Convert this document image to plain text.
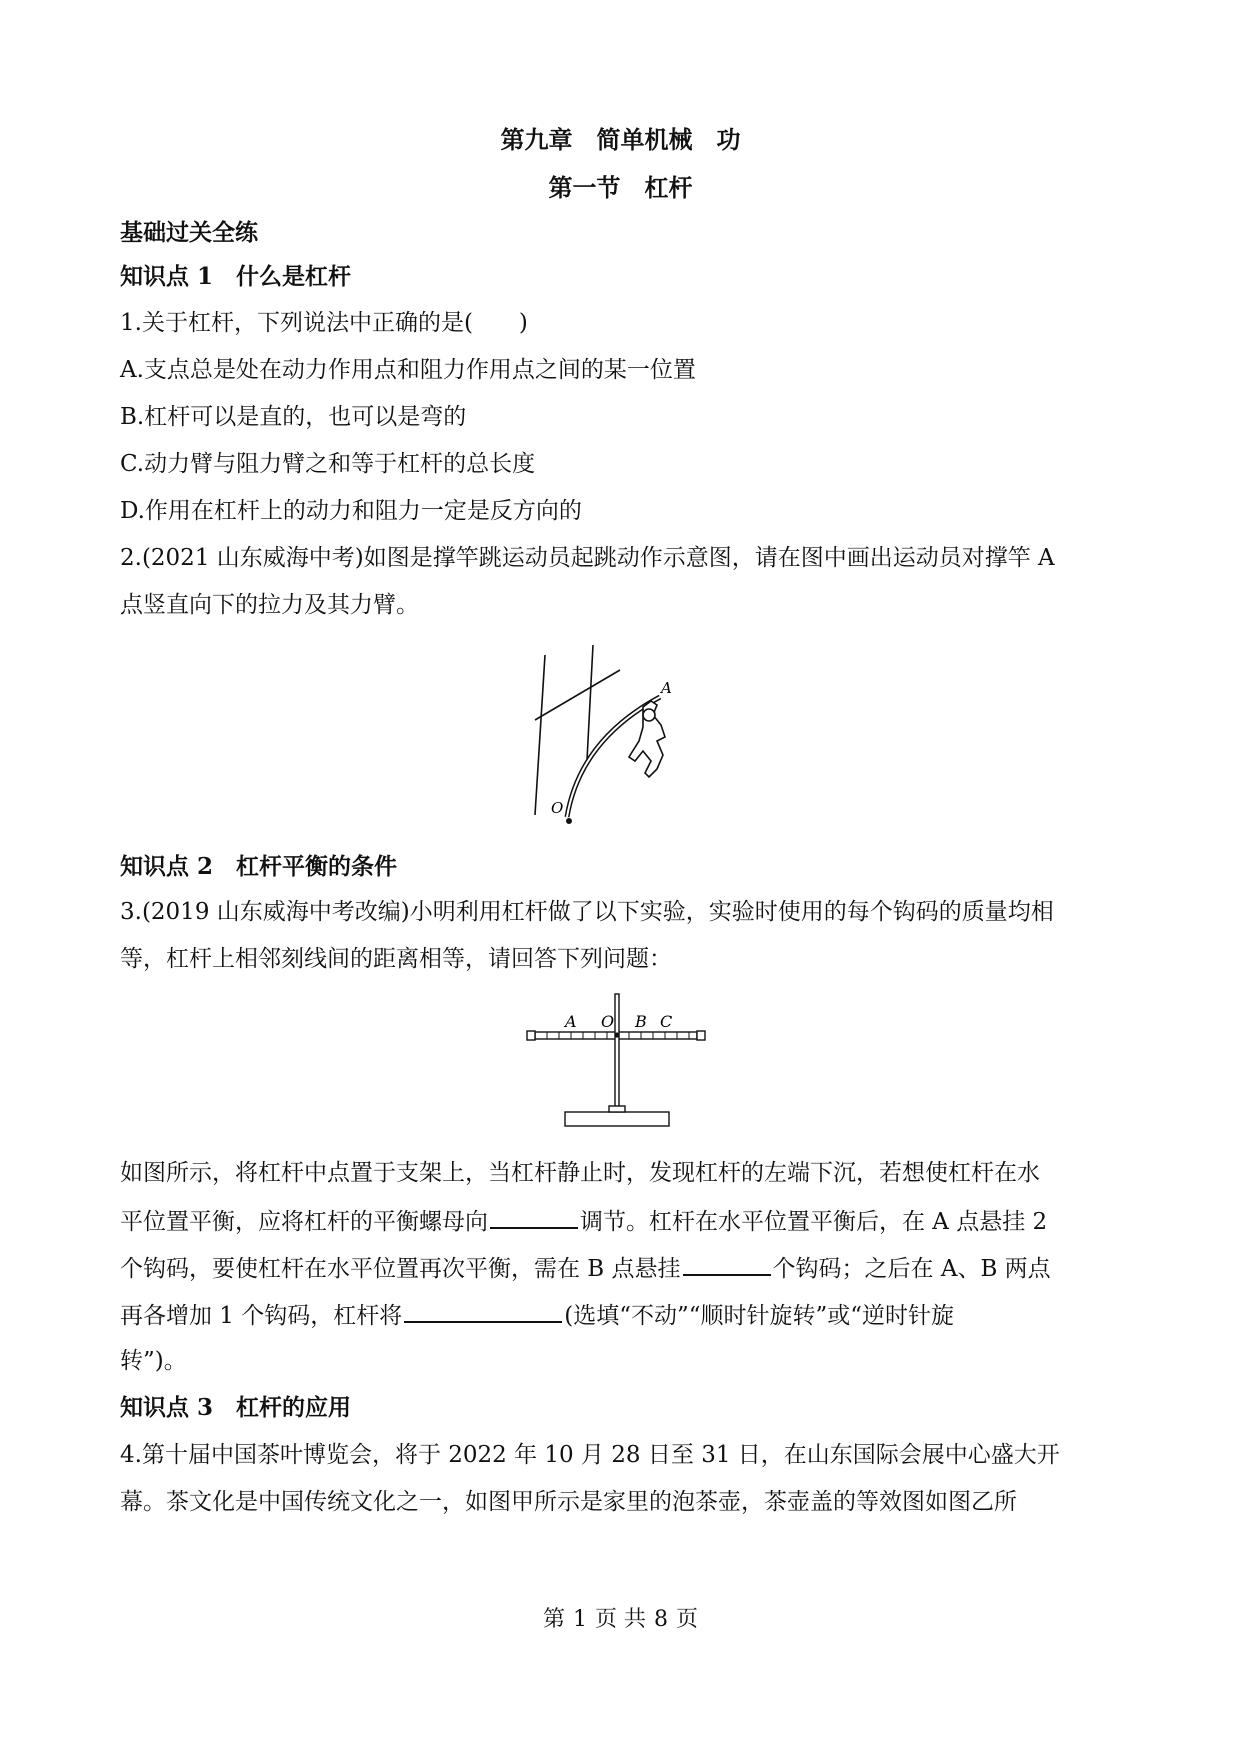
第九章　简单机械　功
第一节　杠杆
基础过关全练
知识点 1　什么是杠杆
1.关于杠杆，下列说法中正确的是(　　)
A.支点总是处在动力作用点和阻力作用点之间的某一位置
B.杠杆可以是直的，也可以是弯的
C.动力臂与阻力臂之和等于杠杆的总长度
D.作用在杠杆上的动力和阻力一定是反方向的
2.(2021 山东威海中考)如图是撑竿跳运动员起跳动作示意图，请在图中画出运动员对撑竿 A
点竖直向下的拉力及其力臂。
A
O
知识点 2　杠杆平衡的条件
3.(2019 山东威海中考改编)小明利用杠杆做了以下实验，实验时使用的每个钩码的质量均相
等，杠杆上相邻刻线间的距离相等，请回答下列问题：
A O B C
如图所示，将杠杆中点置于支架上，当杠杆静止时，发现杠杆的左端下沉，若想使杠杆在水
平位置平衡，应将杠杆的平衡螺母向	调节。杠杆在水平位置平衡后，在 A 点悬挂 2
个钩码，要使杠杆在水平位置再次平衡，需在 B 点悬挂	个钩码；之后在 A、B 两点
再各增加 1 个钩码，杠杆将	(选填“不动”“顺时针旋转”或“逆时针旋
转”)。
知识点 3　杠杆的应用
4.第十届中国茶叶博览会，将于 2022 年 10 月 28 日至 31 日，在山东国际会展中心盛大开
幕。茶文化是中国传统文化之一，如图甲所示是家里的泡茶壶，茶壶盖的等效图如图乙所
第 1 页 共 8 页
